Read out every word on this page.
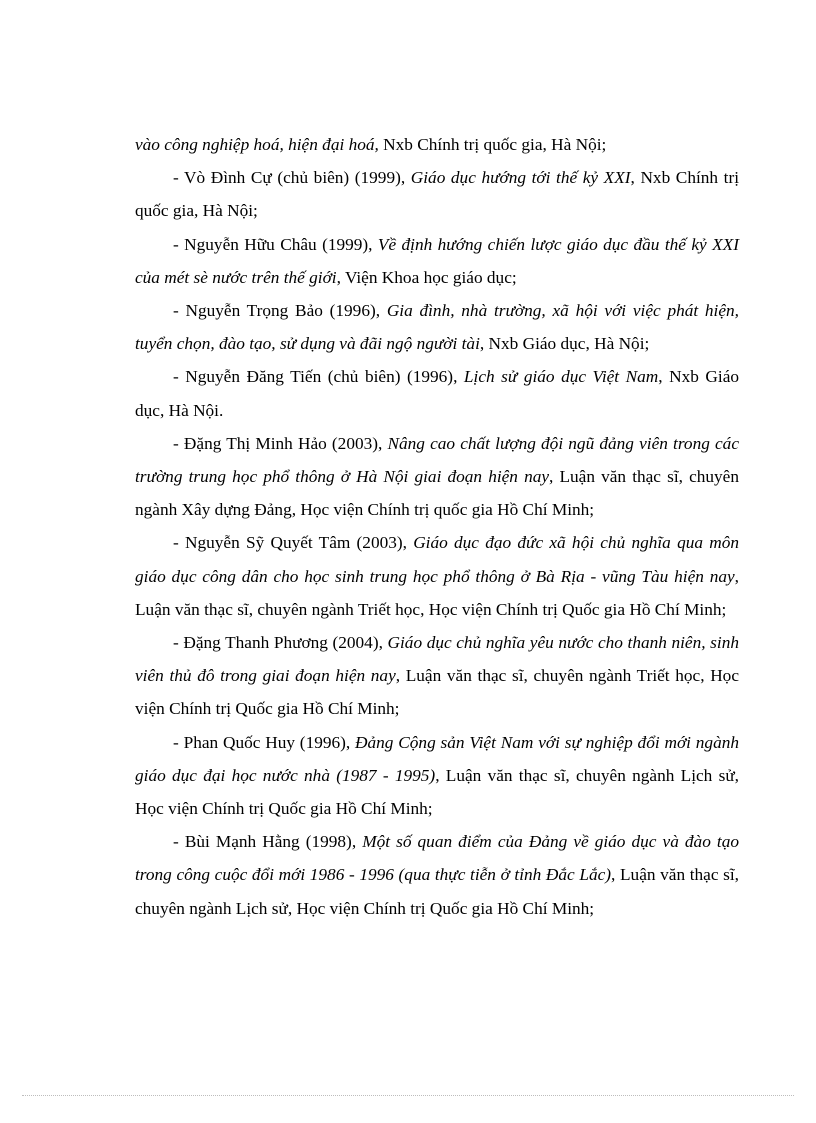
vào công nghiệp hoá, hiện đại hoá, Nxb Chính trị quốc gia, Hà Nội;

- Vò Đình Cự (chủ biên) (1999), Giáo dục hướng tới thế kỷ XXI, Nxb Chính trị quốc gia, Hà Nội;

- Nguyễn Hữu Châu (1999), Về định hướng chiến lược giáo dục đầu thế kỷ XXI của mét sè nước trên thế giới, Viện Khoa học giáo dục;

- Nguyễn Trọng Bảo (1996), Gia đình, nhà trường, xã hội với việc phát hiện, tuyển chọn, đào tạo, sử dụng và đãi ngộ người tài, Nxb Giáo dục, Hà Nội;

- Nguyễn Đăng Tiến (chủ biên) (1996), Lịch sử giáo dục Việt Nam, Nxb Giáo dục, Hà Nội.

- Đặng Thị Minh Hảo (2003), Nâng cao chất lượng đội ngũ đảng viên trong các trường trung học phổ thông ở Hà Nội giai đoạn hiện nay, Luận văn thạc sĩ, chuyên ngành Xây dựng Đảng, Học viện Chính trị quốc gia Hồ Chí Minh;

- Nguyễn Sỹ Quyết Tâm (2003), Giáo dục đạo đức xã hội chủ nghĩa qua môn giáo dục công dân cho học sinh trung học phổ thông ở Bà Rịa - vũng Tàu hiện nay, Luận văn thạc sĩ, chuyên ngành Triết học, Học viện Chính trị Quốc gia Hồ Chí Minh;

- Đặng Thanh Phương (2004), Giáo dục chủ nghĩa yêu nước cho thanh niên, sinh viên thủ đô trong giai đoạn hiện nay, Luận văn thạc sĩ, chuyên ngành Triết học, Học viện Chính trị Quốc gia Hồ Chí Minh;

- Phan Quốc Huy (1996), Đảng Cộng sản Việt Nam với sự nghiệp đổi mới ngành giáo dục đại học nước nhà (1987 - 1995), Luận văn thạc sĩ, chuyên ngành Lịch sử, Học viện Chính trị Quốc gia Hồ Chí Minh;

- Bùi Mạnh Hằng (1998), Một số quan điểm của Đảng về giáo dục và đào tạo trong công cuộc đổi mới 1986 - 1996 (qua thực tiễn ở tỉnh Đắc Lắc), Luận văn thạc sĩ, chuyên ngành Lịch sử, Học viện Chính trị Quốc gia Hồ Chí Minh;
